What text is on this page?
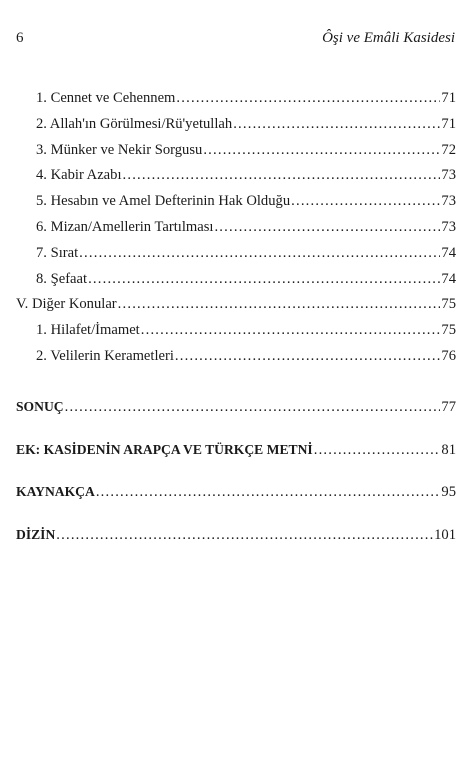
6	Ôşi ve Emâli Kasidesi
1. Cennet ve Cehennem .....	71
2. Allah'ın Görülmesi/Rü'yetullah .....	71
3. Münker ve Nekir Sorgusu .....	72
4. Kabir Azabı .....	73
5. Hesabın ve Amel Defterinin Hak Olduğu .....	73
6. Mizan/Amellerin Tartılması .....	73
7. Sırat .....	74
8. Şefaat .....	74
V. Diğer Konular .....	75
1. Hilafet/İmamet .....	75
2. Velilerin Kerametleri .....	76
SONUÇ .....	77
EK: KASİDENİN ARAPÇA VE TÜRKÇE METNİ .....	81
KAYNAKÇA .....	95
DİZİN .....	101
